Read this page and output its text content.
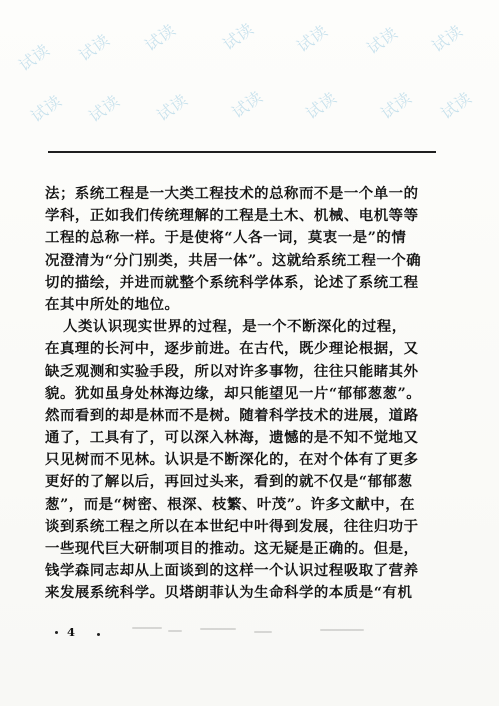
试读 试读 试读	试读 试读 试读 试读
试读 试读 试读 试读 试读 试读 试读
法；系统工程是一大类工程技术的总称而不是一个单一的
学科，正如我们传统理解的工程是土木、机械、电机等等
工程的总称一样。于是使将“人各一词，莫衷一是”的情
况澄清为“分门别类，共居一体”。这就给系统工程一个确
切的描绘，并进而就整个系统科学体系，论述了系统工程
在其中所处的地位。
人类认识现实世界的过程，是一个不断深化的过程，
在真理的长河中，逐步前进。在古代，既少理论根据，又
缺乏观测和实验手段，所以对许多事物，往往只能睹其外
貌。犹如虽身处林海边缘，却只能望见一片“郁郁葱葱”。
然而看到的却是林而不是树。随着科学技术的进展，道路
通了，工具有了，可以深入林海，遗憾的是不知不觉地又
只见树而不见林。认识是不断深化的，在对个体有了更多
更好的了解以后，再回过头来，看到的就不仅是“郁郁葱
葱”，而是“树密、根深、枝繁、叶茂”。许多文献中，在
谈到系统工程之所以在本世纪中叶得到发展，往往归功于
一些现代巨大研制项目的推动。这无疑是正确的。但是，
钱学森同志却从上面谈到的这样一个认识过程吸取了营养
来发展系统科学。贝塔朗菲认为生命科学的本质是“有机
4
